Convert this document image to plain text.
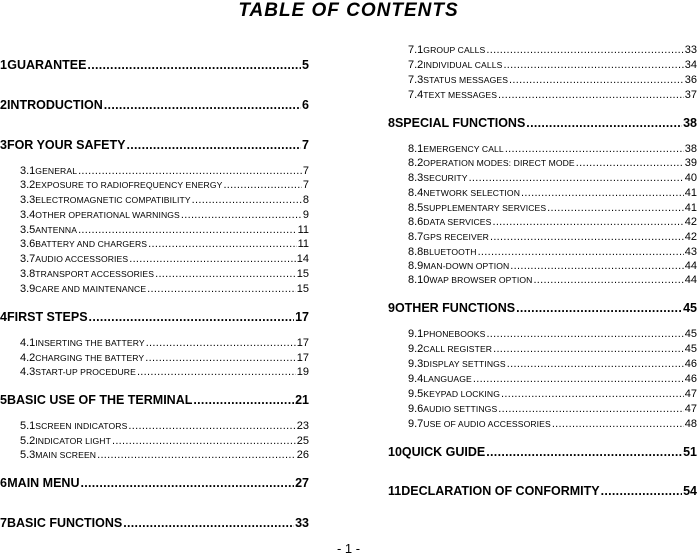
TABLE OF CONTENTS
1 GUARANTEE .....	5
2 INTRODUCTION .....	6
3 FOR YOUR SAFETY .....	7
3.1 GENERAL .....	7
3.2 EXPOSURE TO RADIOFREQUENCY ENERGY .....	7
3.3 ELECTROMAGNETIC COMPATIBILITY .....	8
3.4 OTHER OPERATIONAL WARNINGS .....	9
3.5 ANTENNA .....	11
3.6 BATTERY AND CHARGERS .....	11
3.7 AUDIO ACCESSORIES .....	14
3.8 TRANSPORT ACCESSORIES .....	15
3.9 CARE AND MAINTENANCE .....	15
4 FIRST STEPS .....	17
4.1 INSERTING THE BATTERY .....	17
4.2 CHARGING THE BATTERY .....	17
4.3 START-UP PROCEDURE .....	19
5 BASIC USE OF THE TERMINAL .....	21
5.1 SCREEN INDICATORS .....	23
5.2 INDICATOR LIGHT .....	25
5.3 MAIN SCREEN .....	26
6 MAIN MENU .....	27
7 BASIC FUNCTIONS .....	33
7.1 GROUP CALLS .....	33
7.2 INDIVIDUAL CALLS .....	34
7.3 STATUS MESSAGES .....	36
7.4 TEXT MESSAGES .....	37
8 SPECIAL FUNCTIONS .....	38
8.1 EMERGENCY CALL .....	38
8.2 OPERATION MODES: DIRECT MODE .....	39
8.3 SECURITY .....	40
8.4 NETWORK SELECTION .....	41
8.5 SUPPLEMENTARY SERVICES .....	41
8.6 DATA SERVICES .....	42
8.7 GPS RECEIVER .....	42
8.8 BLUETOOTH .....	43
8.9 MAN-DOWN OPTION .....	44
8.10 WAP BROWSER OPTION .....	44
9 OTHER FUNCTIONS .....	45
9.1 PHONEBOOKS .....	45
9.2 CALL REGISTER .....	45
9.3 DISPLAY SETTINGS .....	46
9.4 LANGUAGE .....	46
9.5 KEYPAD LOCKING .....	47
9.6 AUDIO SETTINGS .....	47
9.7 USE OF AUDIO ACCESSORIES .....	48
10 QUICK GUIDE .....	51
11 DECLARATION OF CONFORMITY .....	54
- 1 -
